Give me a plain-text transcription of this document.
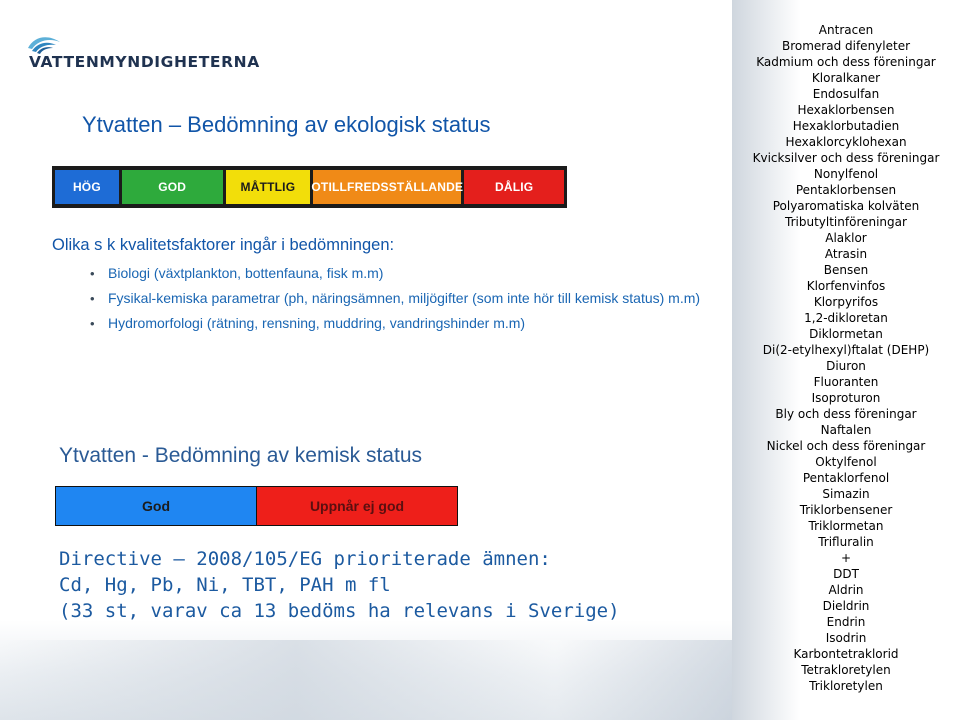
VATTENMYNDIGHETERNA
Ytvatten – Bedömning av ekologisk status
HÖG	GOD	MÅTTLIG OTILLFREDSSTÄLLANDE	DÅLIG
Olika s k kvalitetsfaktorer ingår i bedömningen:
• Biologi (växtplankton, bottenfauna, fisk m.m)
• Fysikal-kemiska parametrar (ph, näringsämnen, miljögifter (som inte hör till kemisk status) m.m)
• Hydromorfologi (rätning, rensning, muddring, vandringshinder m.m)
Ytvatten - Bedömning av kemisk status
God	Uppnår ej god
Directive – 2008/105/EG prioriterade ämnen:
Cd, Hg, Pb, Ni, TBT, PAH m fl
(33 st, varav ca 13 bedöms ha relevans i Sverige)
Antracen
Bromerad difenyleter
Kadmium och dess föreningar
Kloralkaner
Endosulfan
Hexaklorbensen
Hexaklorbutadien
Hexaklorcyklohexan
Kvicksilver och dess föreningar
Nonylfenol
Pentaklorbensen
Polyaromatiska kolväten
Tributyltinföreningar
Alaklor
Atrasin
Bensen
Klorfenvinfos
Klorpyrifos
1,2-dikloretan
Diklormetan
Di(2-etylhexyl)ftalat (DEHP)
Diuron
Fluoranten
Isoproturon
Bly och dess föreningar
Naftalen
Nickel och dess föreningar
Oktylfenol
Pentaklorfenol
Simazin
Triklorbensener
Triklormetan
Trifluralin
+
DDT
Aldrin
Dieldrin
Endrin
Isodrin
Karbontetraklorid
Tetrakloretylen
Trikloretylen
